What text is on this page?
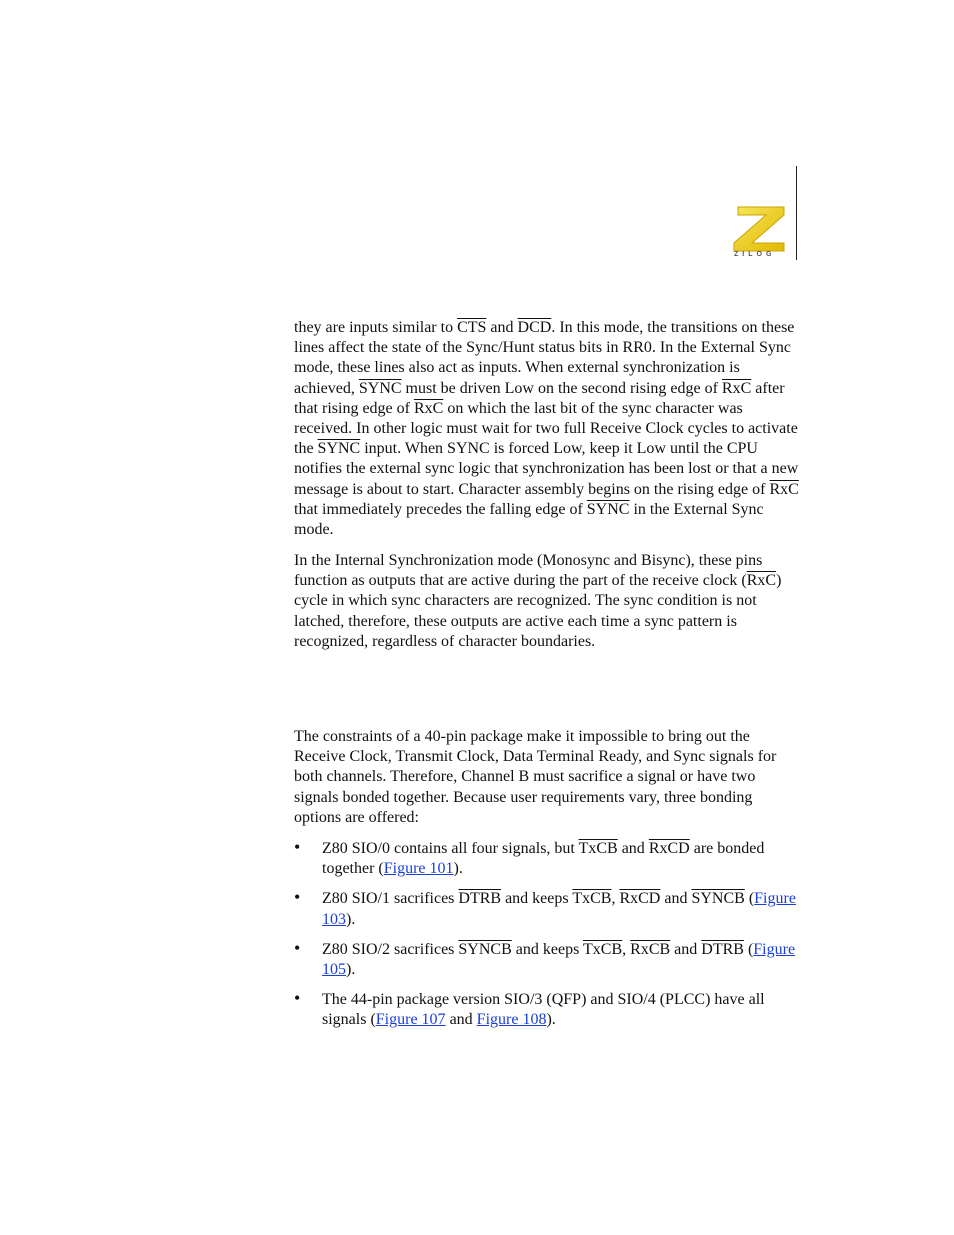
ZILOG

they are inputs similar to $\overline{CTS}$ and $\overline{DCD}$. In this mode, the transitions on these lines affect the state of the Sync/Hunt status bits in RR0. In the External Sync mode, these lines also act as inputs. When external synchronization is achieved, SYNC must be driven Low on the second rising edge of $\overline{RxC}$ after that rising edge of $\overline{RxC}$ on which the last bit of the sync character was received. In other logic must wait for two full Receive Clock cycles to activate the SYNC input. When SYNC is forced Low, keep it Low until the CPU notifies the external sync logic that synchronization has been lost or that a new message is about to start. Character assembly begins on the rising edge of $\overline{RxC}$ that immediately precedes the falling edge of SYNC in the External Sync mode.

In the Internal Synchronization mode (Monosync and Bisync), these pins function as outputs that are active during the part of the receive clock $(\overline{RxC})$ cycle in which sync characters are recognized. The sync condition is not latched, therefore, these outputs are active each time a sync pattern is recognized, regardless of character boundaries.

The constraints of a 40-pin package make it impossible to bring out the Receive Clock, Transmit Clock, Data Terminal Ready, and Sync signals for both channels. Therefore, Channel B must sacrifice a signal or have two signals bonded together. Because user requirements vary, three bonding options are offered:

• Z80 SIO/0 contains all four signals, but TxCB and RxCD are bonded together (Figure 101).
• Z80 SIO/1 sacrifices DTRB and keeps TxCB, RxCD and SYNCB (Figure 103).
• Z80 SIO/2 sacrifices SYNCB and keeps TxCB, RxCB and DTRB (Figure 105).
• The 44-pin package version SIO/3 (QFP) and SIO/4 (PLCC) have all signals (Figure 107 and Figure 108).
